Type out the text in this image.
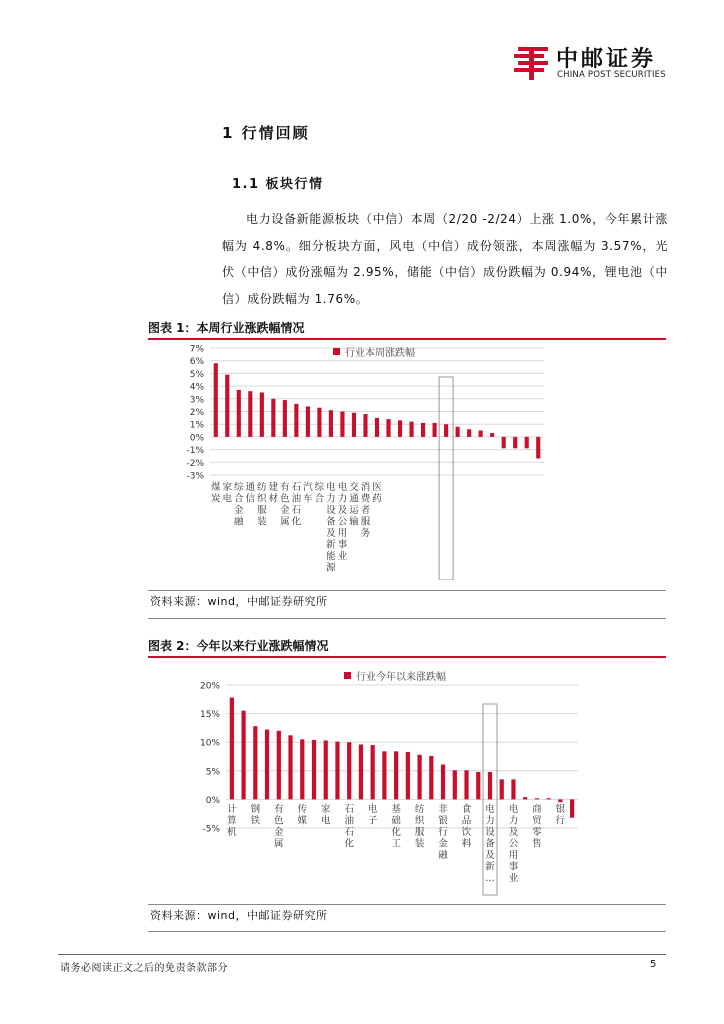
中邮证券
CHINA POST SECURITIES
1 行情回顾
1.1 板块行情
电力设备新能源板块（中信）本周（2/20 -2/24）上涨 1.0%，今年累计涨幅为 4.8%。细分板块方面，风电（中信）成份领涨，本周涨幅为 3.57%，光伏（中信）成份涨幅为 2.95%，储能（中信）成份跌幅为 0.94%，锂电池（中信）成份跌幅为 1.76%。
图表 1：本周行业涨跌幅情况
7%
6%
5%
4%
3%
2%
1%
0%
-1%
-2%
-3%
行业本周涨跌幅
煤炭
家电
综合金融
通信
纺织服装
建材
有色金属
石油石化
汽车
综合
电力设备及新能源
电力及公用事业
交通运输
消费者服务
医药
资料来源：wind，中邮证券研究所
图表 2：今年以来行业涨跌幅情况
20%
15%
10%
5%
0%
-5%
行业今年以来涨跌幅
计算机
钢铁
有色金属
传媒
家电
石油石化
电子
基础化工
纺织服装
非银行金融
食品饮料
电力设备及新…
电力及公用事业
商贸零售
银行
资料来源：wind，中邮证券研究所
请务必阅读正文之后的免责条款部分	5
